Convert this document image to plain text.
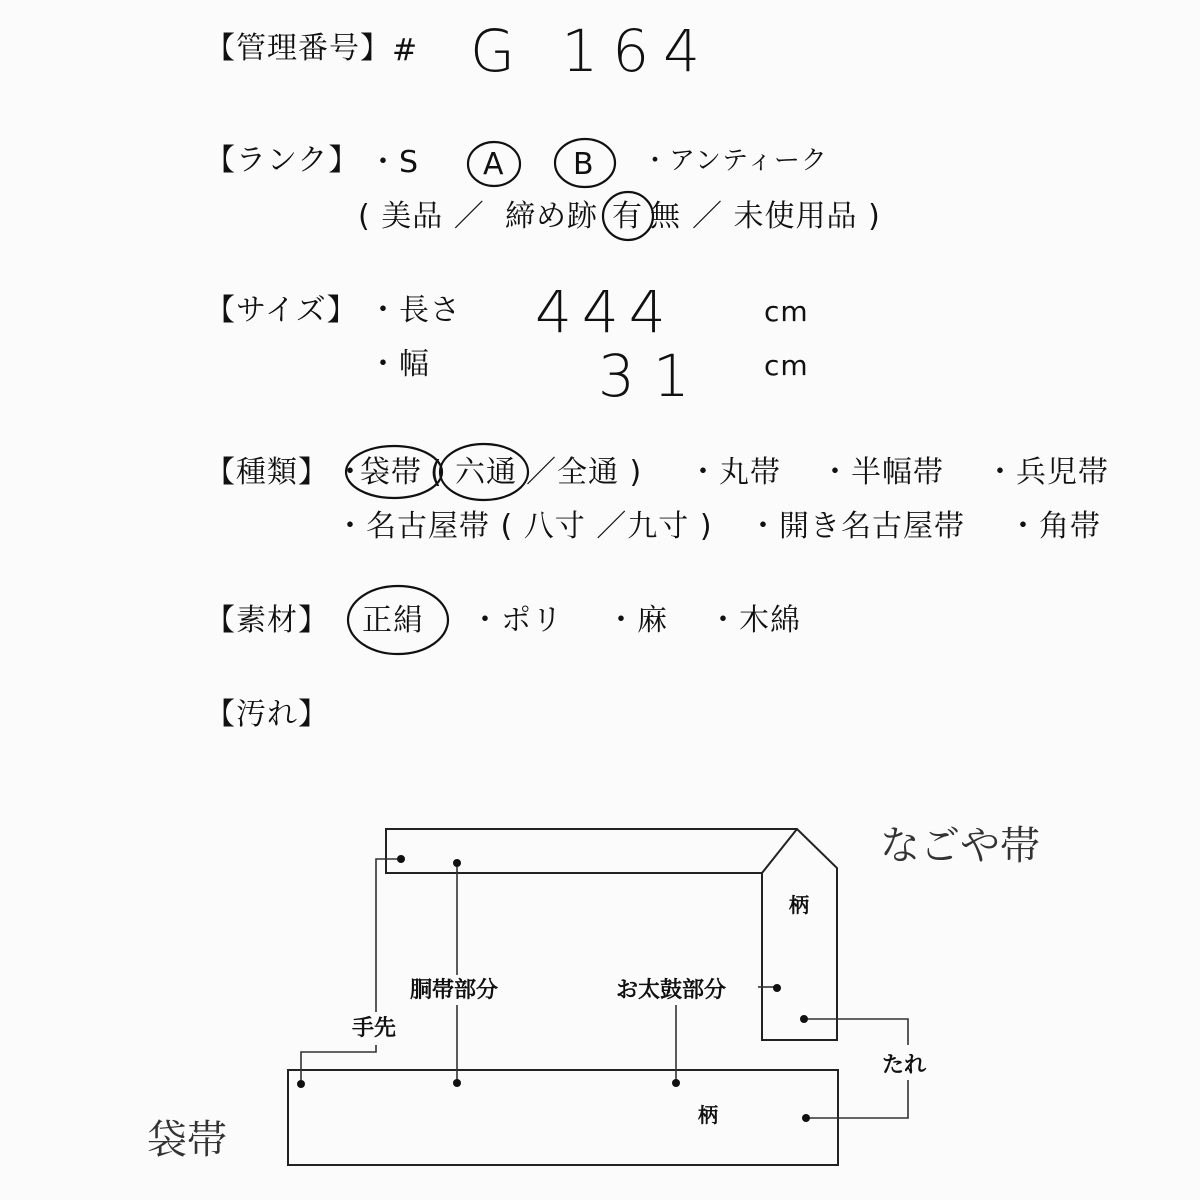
【管理番号】 # G 164
【ランク】 ・S A B ・アンティーク
( 美品 ／ 締め跡 有 無 ／ 未使用品 )
【サイズ】 ・長さ 444	cm
・幅	31 cm
【種類】 ・
袋帯 ( 六通 ／全通 ) ・丸帯 ・半幅帯 ・兵児帯
・名古屋帯 ( 八寸 ／九寸 ) ・開き名古屋帯 ・角帯
【素材】 正絹 ・ポリ ・麻 ・木綿
【汚れ】
なごや帯
袋帯
柄
柄
胴帯部分	お太鼓部分
手先
たれ
